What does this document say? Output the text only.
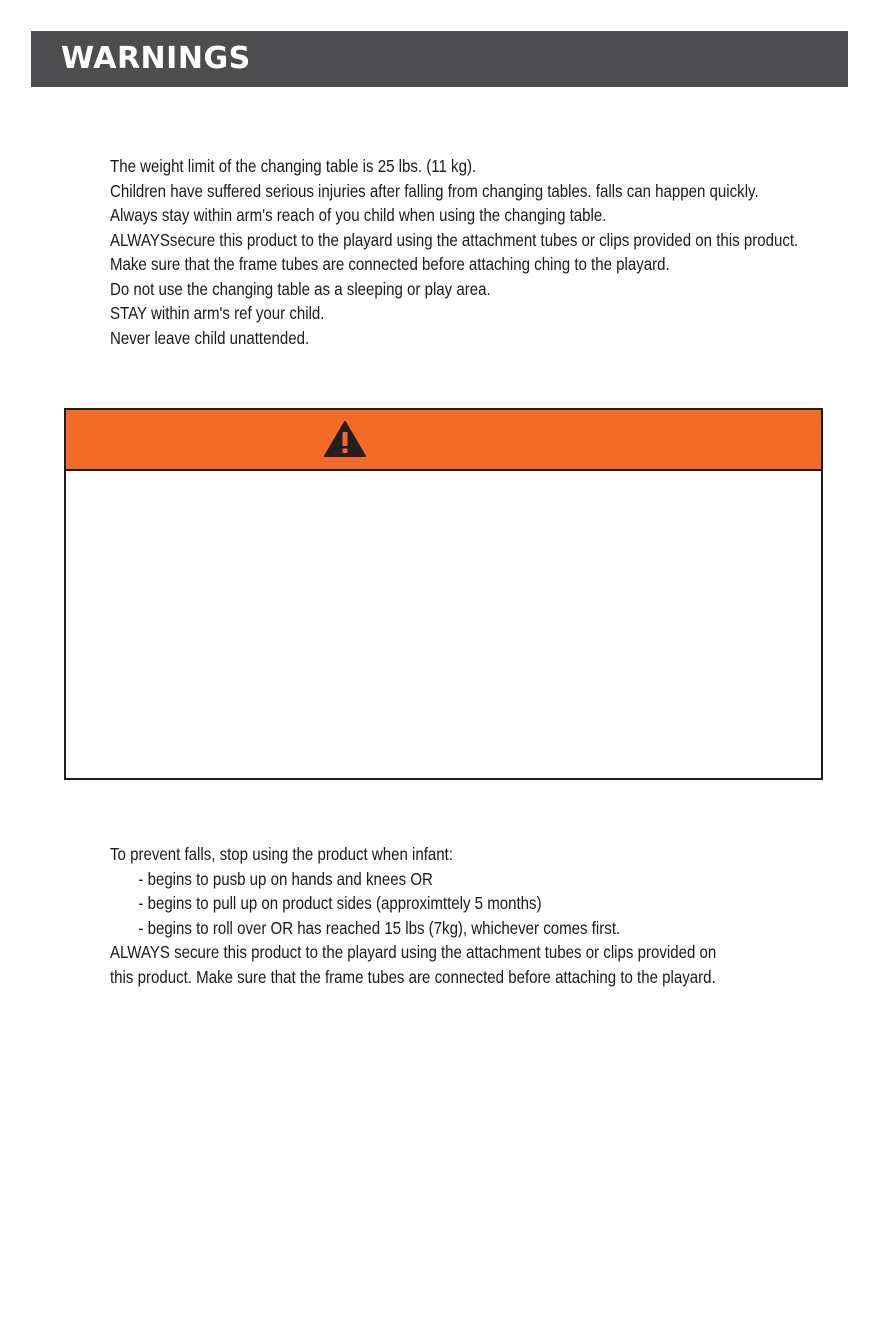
WARNINGS

The weight limit of the changing table is 25 lbs. (11 kg).

Children have suffered serious injuries after falling from changing tables. falls can happen quickly.

Always stay within arm's reach of you child when using the changing table.

ALWAYSsecure this product to the playard using the attachment tubes or clips provided on this product. Make sure that the frame tubes are connected before attaching ching to the playard.

Do not use the changing table as a sleeping or play area.

STAY within arm's ref your child.

Never leave child unattended.

To prevent falls, stop using the product when infant:

- begins to pusb up on hands and knees OR

- begins to pull up on product sides (approximttely 5 months)

- begins to roll over OR has reached 15 lbs (7kg), whichever comes first.

ALWAYS secure this product to the playard using the attachment tubes or clips provided on this product. Make sure that the frame tubes are connected before attaching to the playard.
